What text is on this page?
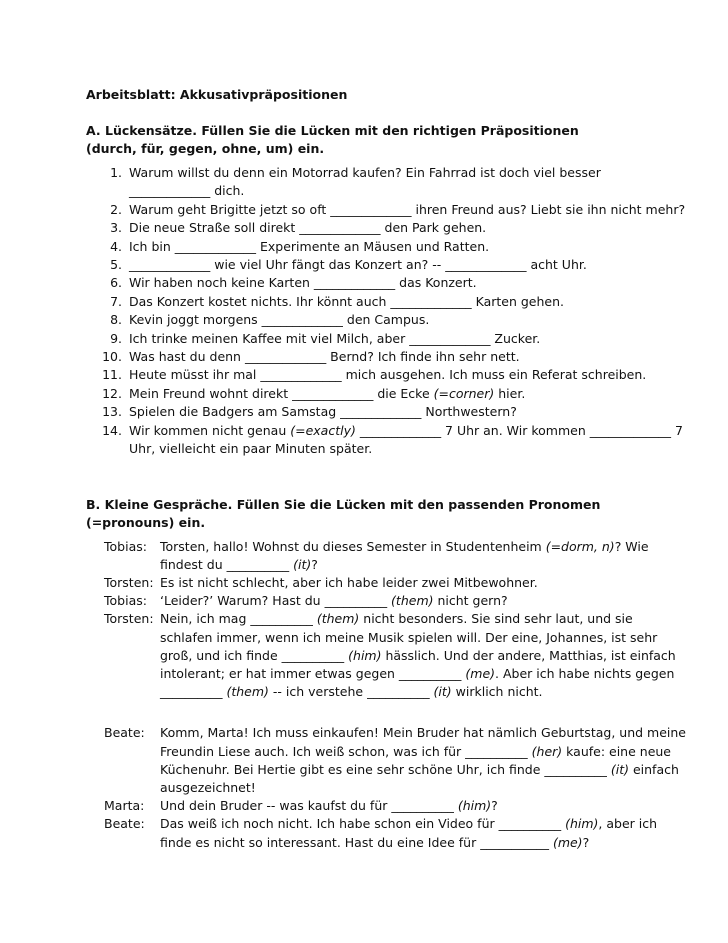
Arbeitsblatt: Akkusativpräpositionen

A. Lückensätze. Füllen Sie die Lücken mit den richtigen Präpositionen
(durch, für, gegen, ohne, um) ein.

1. Warum willst du denn ein Motorrad kaufen? Ein Fahrrad ist doch viel besser _____________ dich.
2. Warum geht Brigitte jetzt so oft _____________ ihren Freund aus? Liebt sie ihn nicht mehr?
3. Die neue Straße soll direkt _____________ den Park gehen.
4. Ich bin _____________ Experimente an Mäusen und Ratten.
5. _____________ wie viel Uhr fängt das Konzert an? -- _____________ acht Uhr.
6. Wir haben noch keine Karten _____________ das Konzert.
7. Das Konzert kostet nichts. Ihr könnt auch _____________ Karten gehen.
8. Kevin joggt morgens _____________ den Campus.
9. Ich trinke meinen Kaffee mit viel Milch, aber _____________ Zucker.
10. Was hast du denn _____________ Bernd? Ich finde ihn sehr nett.
11. Heute müsst ihr mal _____________ mich ausgehen. Ich muss ein Referat schreiben.
12. Mein Freund wohnt direkt _____________ die Ecke (=corner) hier.
13. Spielen die Badgers am Samstag _____________ Northwestern?
14. Wir kommen nicht genau (=exactly) _____________ 7 Uhr an. Wir kommen _____________ 7 Uhr, vielleicht ein paar Minuten später.

B. Kleine Gespräche. Füllen Sie die Lücken mit den passenden Pronomen (=pronouns) ein.

Tobias:	Torsten, hallo! Wohnst du dieses Semester in Studentenheim (=dorm, n)? Wie findest du __________ (it)?
Torsten: Es ist nicht schlecht, aber ich habe leider zwei Mitbewohner.
Tobias:	‘Leider?’ Warum? Hast du __________ (them) nicht gern?
Torsten: Nein, ich mag __________ (them) nicht besonders. Sie sind sehr laut, und sie schlafen immer, wenn ich meine Musik spielen will. Der eine, Johannes, ist sehr groß, und ich finde __________ (him) hässlich. Und der andere, Matthias, ist einfach intolerant; er hat immer etwas gegen __________ (me). Aber ich habe nichts gegen __________ (them) -- ich verstehe __________ (it) wirklich nicht.
Beate:	Komm, Marta! Ich muss einkaufen! Mein Bruder hat nämlich Geburtstag, und meine Freundin Liese auch. Ich weiß schon, was ich für __________ (her) kaufe: eine neue Küchenuhr. Bei Hertie gibt es eine sehr schöne Uhr, ich finde __________ (it) einfach ausgezeichnet!
Marta:	Und dein Bruder -- was kaufst du für __________ (him)?
Beate:	Das weiß ich noch nicht. Ich habe schon ein Video für __________ (him), aber ich finde es nicht so interessant. Hast du eine Idee für ___________ (me)?
